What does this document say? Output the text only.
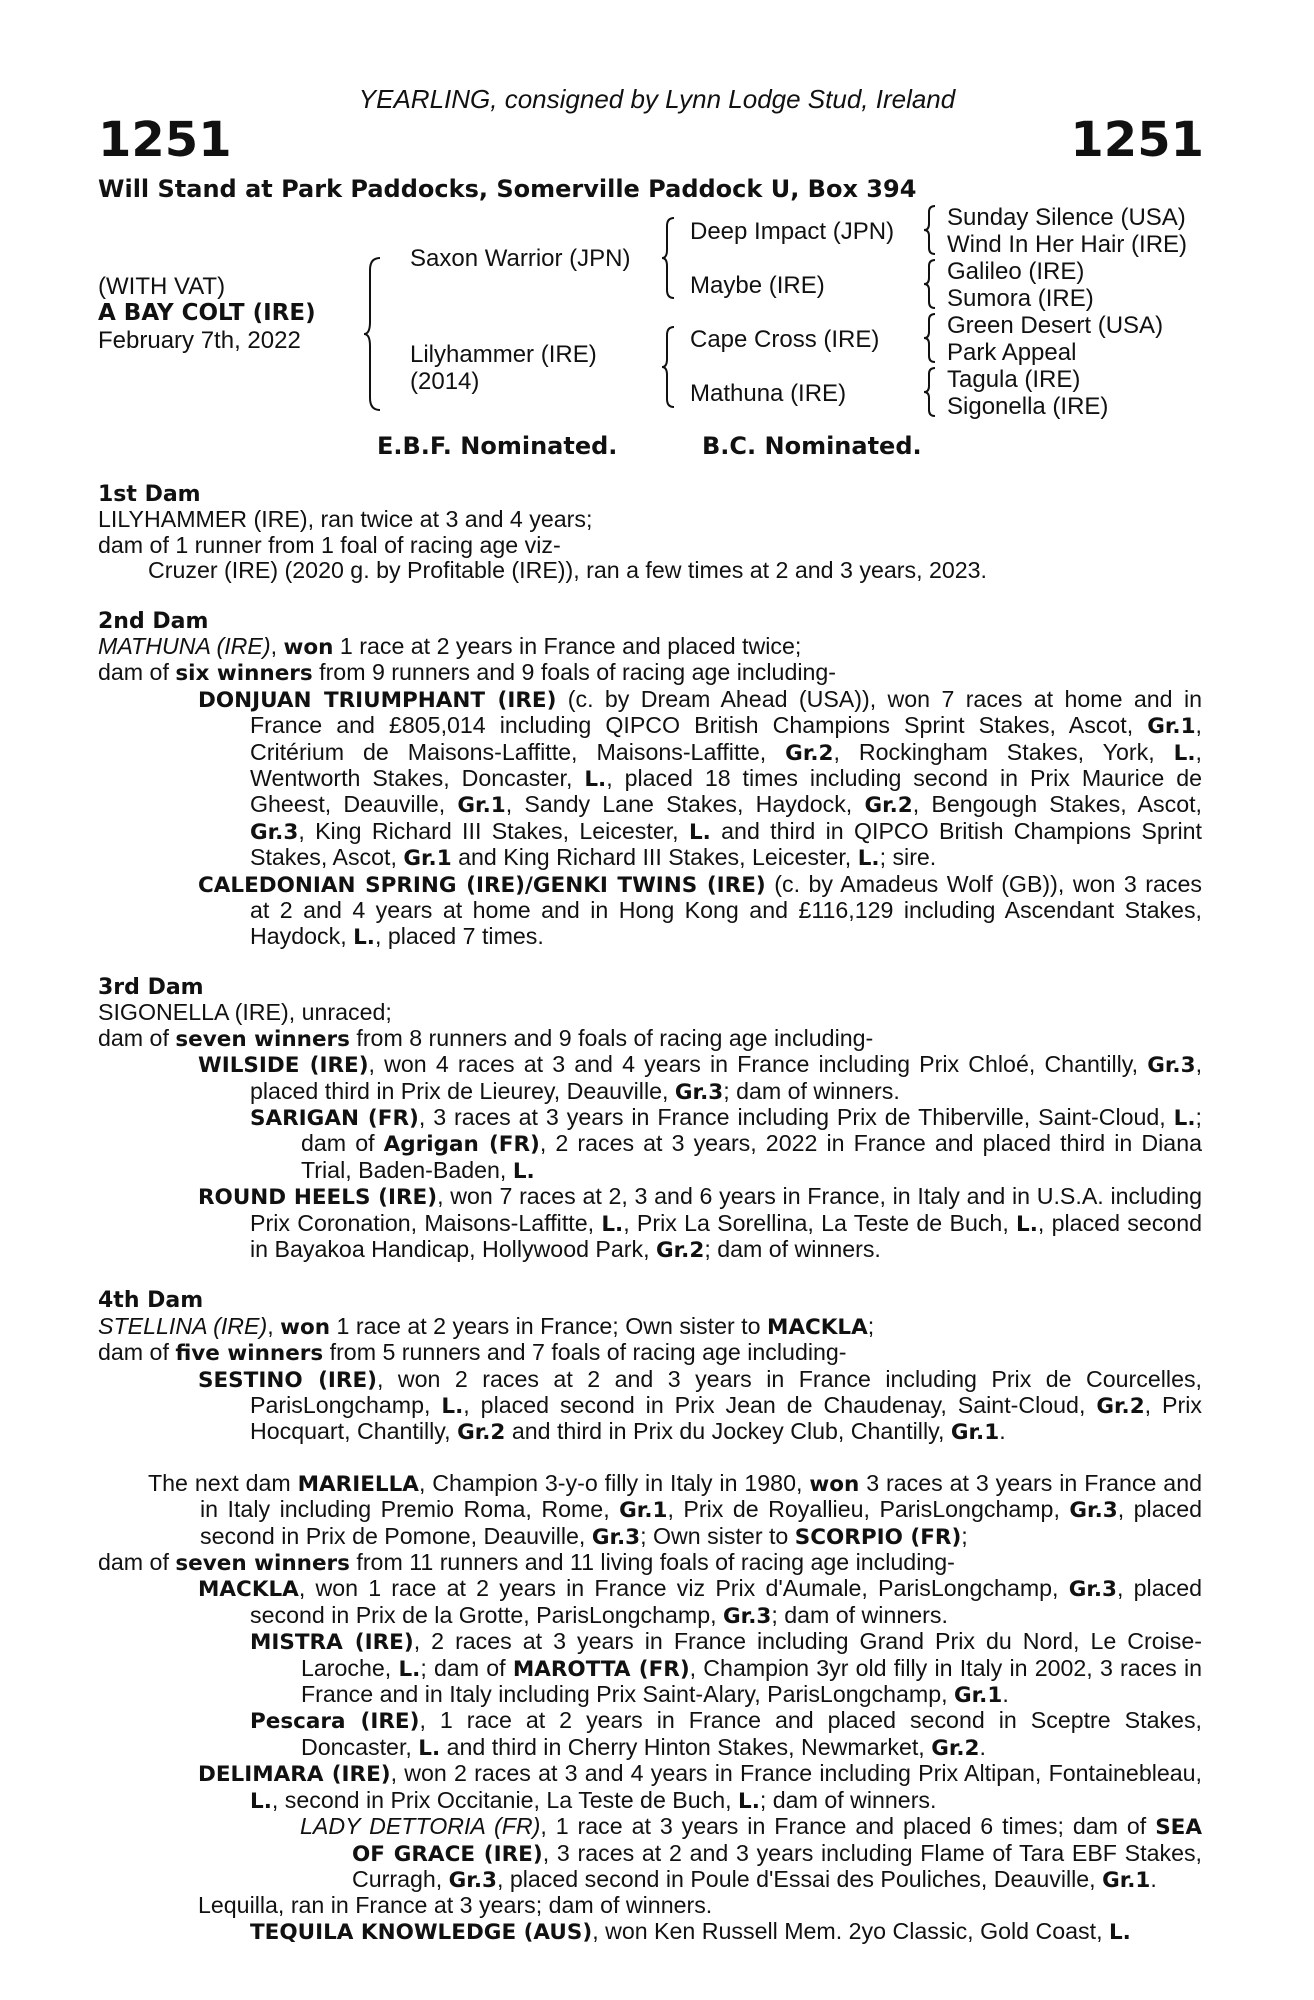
YEARLING, consigned by Lynn Lodge Stud, Ireland
1251	1251
Will Stand at Park Paddocks, Somerville Paddock U, Box 394
(WITH VAT)
A BAY COLT (IRE)
February 7th, 2022
Saxon Warrior (JPN)
Lilyhammer (IRE)
(2014)
Deep Impact (JPN)
Maybe (IRE)
Cape Cross (IRE)
Mathuna (IRE)
Sunday Silence (USA)
Wind In Her Hair (IRE)
Galileo (IRE)
Sumora (IRE)
Green Desert (USA)
Park Appeal
Tagula (IRE)
Sigonella (IRE)
E.B.F. Nominated.	B.C. Nominated.
1st Dam
LILYHAMMER (IRE), ran twice at 3 and 4 years;
dam of 1 runner from 1 foal of racing age viz-
Cruzer (IRE) (2020 g. by Profitable (IRE)), ran a few times at 2 and 3 years, 2023.
2nd Dam
MATHUNA (IRE), won 1 race at 2 years in France and placed twice;
dam of six winners from 9 runners and 9 foals of racing age including-
DONJUAN TRIUMPHANT (IRE) (c. by Dream Ahead (USA)), won 7 races at home and in France and £805,014 including QIPCO British Champions Sprint Stakes, Ascot, Gr.1, Critérium de Maisons-Laffitte, Maisons-Laffitte, Gr.2, Rockingham Stakes, York, L., Wentworth Stakes, Doncaster, L., placed 18 times including second in Prix Maurice de Gheest, Deauville, Gr.1, Sandy Lane Stakes, Haydock, Gr.2, Bengough Stakes, Ascot, Gr.3, King Richard III Stakes, Leicester, L. and third in QIPCO British Champions Sprint Stakes, Ascot, Gr.1 and King Richard III Stakes, Leicester, L.; sire.
CALEDONIAN SPRING (IRE)/GENKI TWINS (IRE) (c. by Amadeus Wolf (GB)), won 3 races at 2 and 4 years at home and in Hong Kong and £116,129 including Ascendant Stakes, Haydock, L., placed 7 times.
3rd Dam
SIGONELLA (IRE), unraced;
dam of seven winners from 8 runners and 9 foals of racing age including-
WILSIDE (IRE), won 4 races at 3 and 4 years in France including Prix Chloé, Chantilly, Gr.3, placed third in Prix de Lieurey, Deauville, Gr.3; dam of winners.
SARIGAN (FR), 3 races at 3 years in France including Prix de Thiberville, Saint-Cloud, L.; dam of Agrigan (FR), 2 races at 3 years, 2022 in France and placed third in Diana Trial, Baden-Baden, L.
ROUND HEELS (IRE), won 7 races at 2, 3 and 6 years in France, in Italy and in U.S.A. including Prix Coronation, Maisons-Laffitte, L., Prix La Sorellina, La Teste de Buch, L., placed second in Bayakoa Handicap, Hollywood Park, Gr.2; dam of winners.
4th Dam
STELLINA (IRE), won 1 race at 2 years in France; Own sister to MACKLA;
dam of five winners from 5 runners and 7 foals of racing age including-
SESTINO (IRE), won 2 races at 2 and 3 years in France including Prix de Courcelles, ParisLongchamp, L., placed second in Prix Jean de Chaudenay, Saint-Cloud, Gr.2, Prix Hocquart, Chantilly, Gr.2 and third in Prix du Jockey Club, Chantilly, Gr.1.
The next dam MARIELLA, Champion 3-y-o filly in Italy in 1980, won 3 races at 3 years in France and in Italy including Premio Roma, Rome, Gr.1, Prix de Royallieu, ParisLongchamp, Gr.3, placed second in Prix de Pomone, Deauville, Gr.3; Own sister to SCORPIO (FR);
dam of seven winners from 11 runners and 11 living foals of racing age including-
MACKLA, won 1 race at 2 years in France viz Prix d'Aumale, ParisLongchamp, Gr.3, placed second in Prix de la Grotte, ParisLongchamp, Gr.3; dam of winners.
MISTRA (IRE), 2 races at 3 years in France including Grand Prix du Nord, Le Croise-Laroche, L.; dam of MAROTTA (FR), Champion 3yr old filly in Italy in 2002, 3 races in France and in Italy including Prix Saint-Alary, ParisLongchamp, Gr.1.
Pescara (IRE), 1 race at 2 years in France and placed second in Sceptre Stakes, Doncaster, L. and third in Cherry Hinton Stakes, Newmarket, Gr.2.
DELIMARA (IRE), won 2 races at 3 and 4 years in France including Prix Altipan, Fontainebleau, L., second in Prix Occitanie, La Teste de Buch, L.; dam of winners.
LADY DETTORIA (FR), 1 race at 3 years in France and placed 6 times; dam of SEA OF GRACE (IRE), 3 races at 2 and 3 years including Flame of Tara EBF Stakes, Curragh, Gr.3, placed second in Poule d'Essai des Pouliches, Deauville, Gr.1.
Lequilla, ran in France at 3 years; dam of winners.
TEQUILA KNOWLEDGE (AUS), won Ken Russell Mem. 2yo Classic, Gold Coast, L.
